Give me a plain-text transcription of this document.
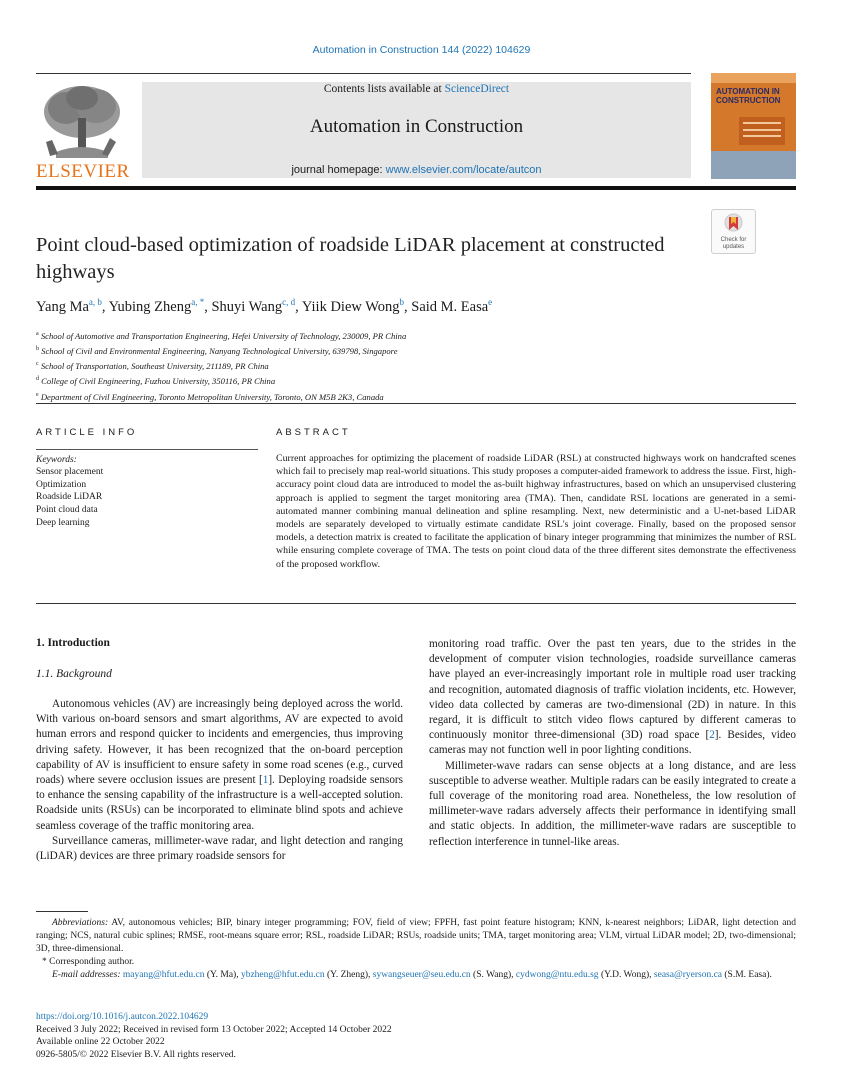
Automation in Construction 144 (2022) 104629
ELSEVIER
Contents lists available at ScienceDirect
Automation in Construction
journal homepage: www.elsevier.com/locate/autcon
AUTOMATION IN
CONSTRUCTION
Check for
updates
Point cloud-based optimization of roadside LiDAR placement at constructed highways
Yang Ma$^{a, b}$, Yubing Zheng$^{a, *}$, Shuyi Wang$^{c, d}$, Yiik Diew Wong$^b$, Said M. Easa$^e$
$^a$ School of Automotive and Transportation Engineering, Hefei University of Technology, 230009, PR China
$^b$ School of Civil and Environmental Engineering, Nanyang Technological University, 639798, Singapore
$^c$ School of Transportation, Southeast University, 211189, PR China
$^d$ College of Civil Engineering, Fuzhou University, 350116, PR China
$^e$ Department of Civil Engineering, Toronto Metropolitan University, Toronto, ON M5B 2K3, Canada
ARTICLE INFO	ABSTRACT
Keywords:
Sensor placement
Optimization
Roadside LiDAR
Point cloud data
Deep learning
Current approaches for optimizing the placement of roadside LiDAR (RSL) at constructed highways work on handcrafted scenes which fail to precisely map real-world situations. This study proposes a computer-aided framework to address the issue. First, high-accuracy point cloud data are introduced to model the as-built highway infrastructures, based on which an unsupervised clustering approach is applied to segment the target monitoring area (TMA). Then, candidate RSL locations are generated in a semi-automated manner combining manual delineation and spline resampling. Next, new deterministic and a U-net-based LiDAR models are separately developed to virtually estimate candidate RSL's joint coverage. Finally, based on the proposed sensor models, a detection matrix is created to facilitate the application of binary integer programming that minimizes the number of RSL while ensuring complete coverage of TMA. The tests on point cloud data of the three different sites demonstrate the effectiveness of the proposed workflow.
1. Introduction
1.1. Background

Autonomous vehicles (AV) are increasingly being deployed across the world. With various on-board sensors and smart algorithms, AV are expected to avoid human errors and respond quicker to incidents and emergencies, thus improving driving safety. However, it has been recognized that the on-board perception capability of AV is insufficient to ensure safety in some road scenes (e.g., curved roads) where severe occlusion issues are present [1]. Deploying roadside sensors to enhance the sensing capability of the infrastructure is a well-accepted solution. Roadside units (RSUs) can be incorporated to eliminate blind spots and achieve seamless coverage of the traffic monitoring area.

Surveillance cameras, millimeter-wave radar, and light detection and ranging (LiDAR) devices are three primary roadside sensors for

monitoring road traffic. Over the past ten years, due to the strides in the development of computer vision technologies, roadside surveillance cameras have played an ever-increasingly important role in multiple road user tracking and recognition, automated diagnosis of traffic violation incidents, etc. However, video data collected by cameras are two-dimensional (2D) in nature. In this regard, it is difficult to stitch video flows captured by different cameras to continuously monitor three-dimensional (3D) road space [2]. Besides, video cameras may not function well in poor lighting conditions.

Millimeter-wave radars can sense objects at a long distance, and are less susceptible to adverse weather. Multiple radars can be easily integrated to create a full coverage of the monitoring road area. Nonetheless, the low resolution of millimeter-wave radars adversely affects their performance in identifying small and static objects. In addition, the millimeter-wave radars are susceptible to reflection interference in tunnel-like areas.

Abbreviations: AV, autonomous vehicles; BIP, binary integer programming; FOV, field of view; FPFH, fast point feature histogram; KNN, k-nearest neighbors; LiDAR, light detection and ranging; NCS, natural cubic splines; RMSE, root-means square error; RSL, roadside LiDAR; RSUs, roadside units; TMA, target monitoring area; VLM, virtual LiDAR model; 2D, two-dimensional; 3D, three-dimensional.

* Corresponding author.

E-mail addresses: mayang@hfut.edu.cn (Y. Ma), ybzheng@hfut.edu.cn (Y. Zheng), sywangseuer@seu.edu.cn (S. Wang), cydwong@ntu.edu.sg (Y.D. Wong), seasa@ryerson.ca (S.M. Easa).

https://doi.org/10.1016/j.autcon.2022.104629
Received 3 July 2022; Received in revised form 13 October 2022; Accepted 14 October 2022
Available online 22 October 2022
0926-5805/© 2022 Elsevier B.V. All rights reserved.
